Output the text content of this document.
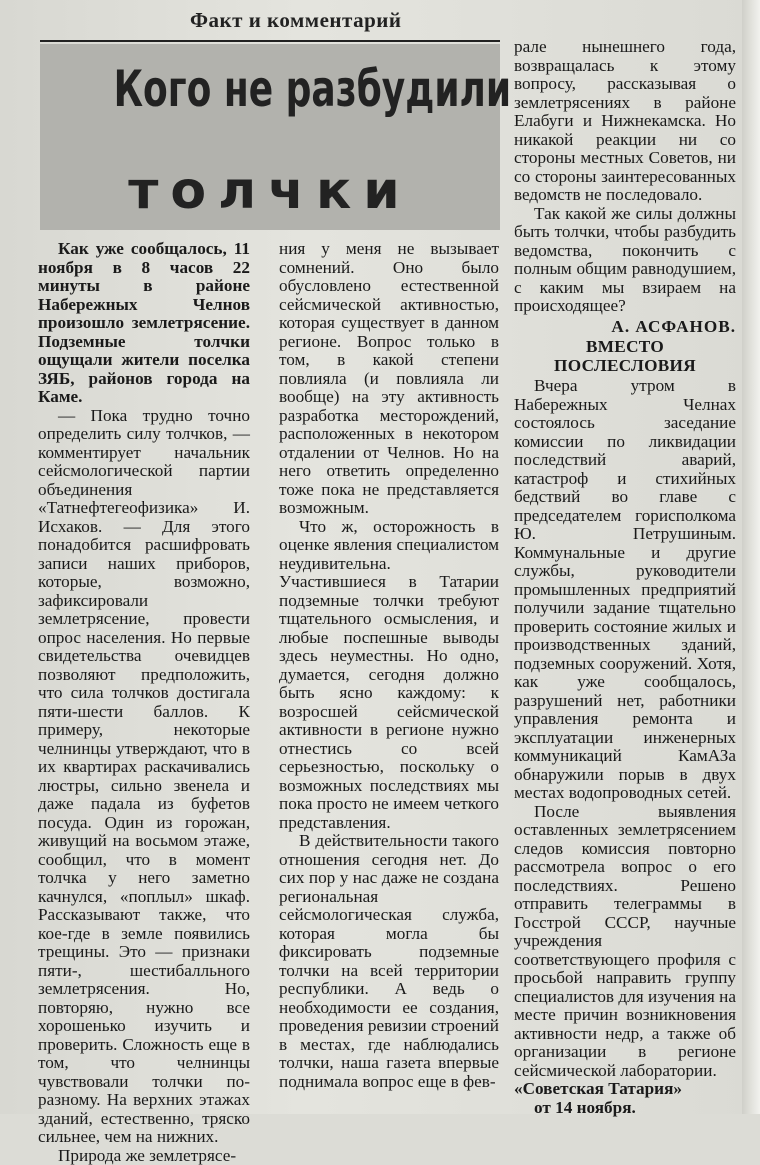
Факт и комментарий
Кого не разбудили
толчки

Как уже сообщалось, 11 ноября в 8 часов 22 минуты в районе Набережных Челнов произошло землетрясение. Подземные толчки ощущали жители поселка ЗЯБ, районов города на Каме.

— Пока трудно точно определить силу толчков, — комментирует начальник сейсмологической партии объединения «Татнефтегеофизика» И. Исхаков. — Для этого понадобится расшифровать записи наших приборов, которые, возможно, зафиксировали землетрясение, провести опрос населения. Но первые свидетельства очевидцев позволяют предположить, что сила толчков достигала пяти-шести баллов. К примеру, некоторые челнинцы утверждают, что в их квартирах раскачивались люстры, сильно звенела и даже падала из буфетов посуда. Один из горожан, живущий на восьмом этаже, сообщил, что в момент толчка у него заметно качнулся, «поплыл» шкаф. Рассказывают также, что кое-где в земле появились трещины. Это — признаки пяти-, шестибалльного землетрясения. Но, повторяю, нужно все хорошенько изучить и проверить. Сложность еще в том, что челнинцы чувствовали толчки по-разному. На верхних этажах зданий, естественно, тряско сильнее, чем на нижних.

Природа же землетрясе-

ния у меня не вызывает сомнений. Оно было обусловлено естественной сейсмической активностью, которая существует в данном регионе. Вопрос только в том, в какой степени повлияла (и повлияла ли вообще) на эту активность разработка месторождений, расположенных в некотором отдалении от Челнов. Но на него ответить определенно тоже пока не представляется возможным.

Что ж, осторожность в оценке явления специалистом неудивительна. Участившиеся в Татарии подземные толчки требуют тщательного осмысления, и любые поспешные выводы здесь неуместны. Но одно, думается, сегодня должно быть ясно каждому: к возросшей сейсмической активности в регионе нужно отнестись со всей серьезностью, поскольку о возможных последствиях мы пока просто не имеем четкого представления.

В действительности такого отношения сегодня нет. До сих пор у нас даже не создана региональная сейсмологическая служба, которая могла бы фиксировать подземные толчки на всей территории республики. А ведь о необходимости ее создания, проведения ревизии строений в местах, где наблюдались толчки, наша газета впервые поднимала вопрос еще в фев-

рале нынешнего года, возвращалась к этому вопросу, рассказывая о землетрясениях в районе Елабуги и Нижнекамска. Но никакой реакции ни со стороны местных Советов, ни со стороны заинтересованных ведомств не последовало.

Так какой же силы должны быть толчки, чтобы разбудить ведомства, покончить с полным общим равнодушием, с каким мы взираем на происходящее?

А. АСФАНОВ.

ВМЕСТО ПОСЛЕСЛОВИЯ

Вчера утром в Набережных Челнах состоялось заседание комиссии по ликвидации последствий аварий, катастроф и стихийных бедствий во главе с председателем горисполкома Ю. Петрушиным. Коммунальные и другие службы, руководители промышленных предприятий получили задание тщательно проверить состояние жилых и производственных зданий, подземных сооружений. Хотя, как уже сообщалось, разрушений нет, работники управления ремонта и эксплуатации инженерных коммуникаций КамАЗа обнаружили порыв в двух местах водопроводных сетей.

После выявления оставленных землетрясением следов комиссия повторно рассмотрела вопрос о его последствиях. Решено отправить телеграммы в Госстрой СССР, научные учреждения соответствующего профиля с просьбой направить группу специалистов для изучения на месте причин возникновения активности недр, а также об организации в регионе сейсмической лаборатории.

«Советская Татария»

от 14 ноября.
